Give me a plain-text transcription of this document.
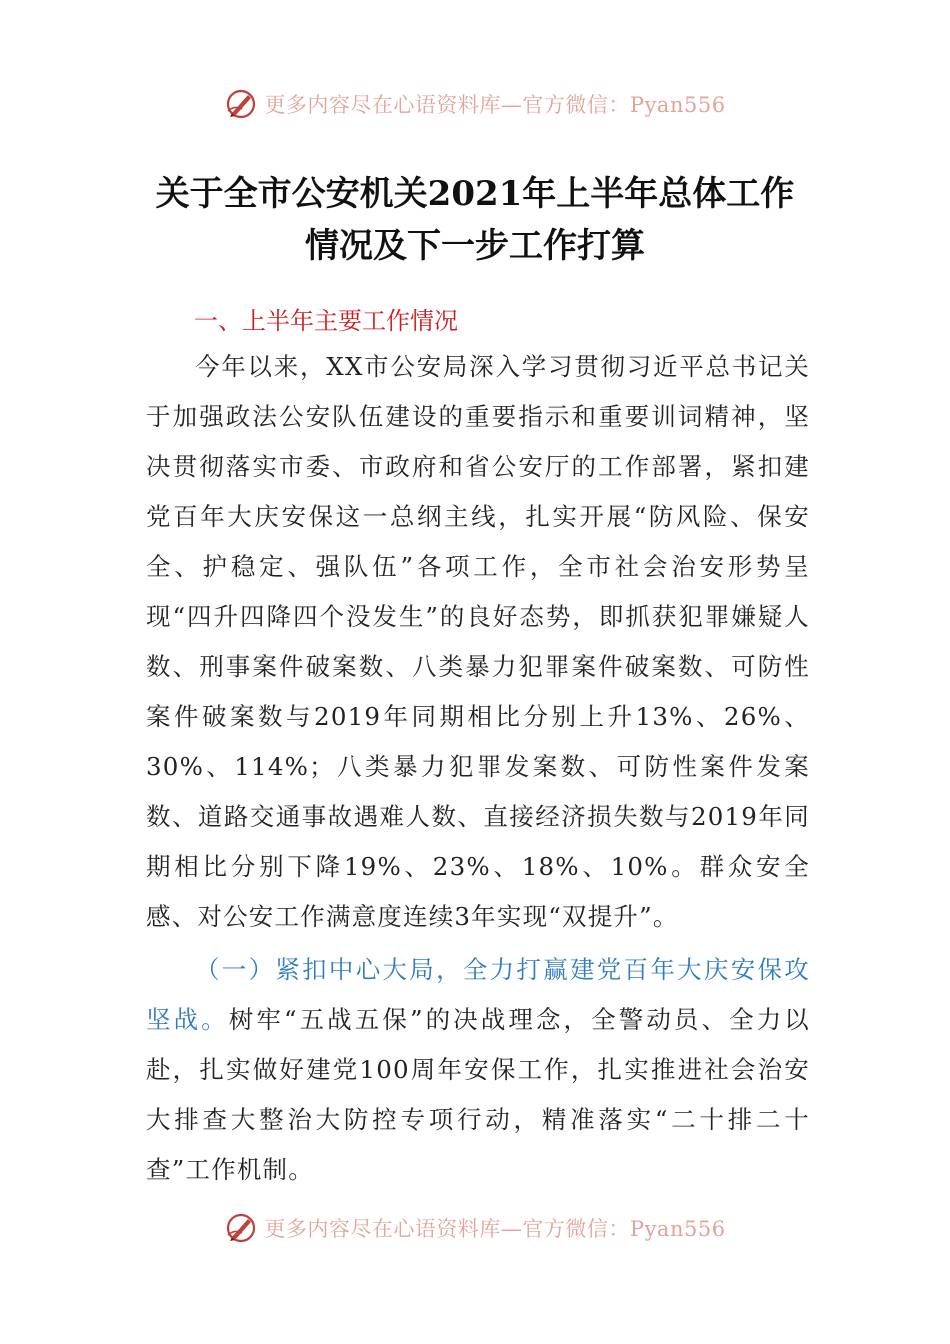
更多内容尽在心语资料库—官方微信：Pyan556
关于全市公安机关2021年上半年总体工作
情况及下一步工作打算
一、上半年主要工作情况
今年以来，XX市公安局深入学习贯彻习近平总书记关于加强政法公安队伍建设的重要指示和重要训词精神，坚决贯彻落实市委、市政府和省公安厅的工作部署，紧扣建党百年大庆安保这一总纲主线，扎实开展“防风险、保安全、护稳定、强队伍”各项工作，全市社会治安形势呈现“四升四降四个没发生”的良好态势，即抓获犯罪嫌疑人数、刑事案件破案数、八类暴力犯罪案件破案数、可防性案件破案数与2019年同期相比分别上升13%、26%、30%、114%；八类暴力犯罪发案数、可防性案件发案数、道路交通事故遇难人数、直接经济损失数与2019年同期相比分别下降19%、23%、18%、10%。群众安全感、对公安工作满意度连续3年实现“双提升”。
（一）紧扣中心大局，全力打赢建党百年大庆安保攻坚战。树牢“五战五保”的决战理念，全警动员、全力以赴，扎实做好建党100周年安保工作，扎实推进社会治安大排查大整治大防控专项行动，精准落实“二十排二十查”工作机制。
更多内容尽在心语资料库—官方微信：Pyan556
